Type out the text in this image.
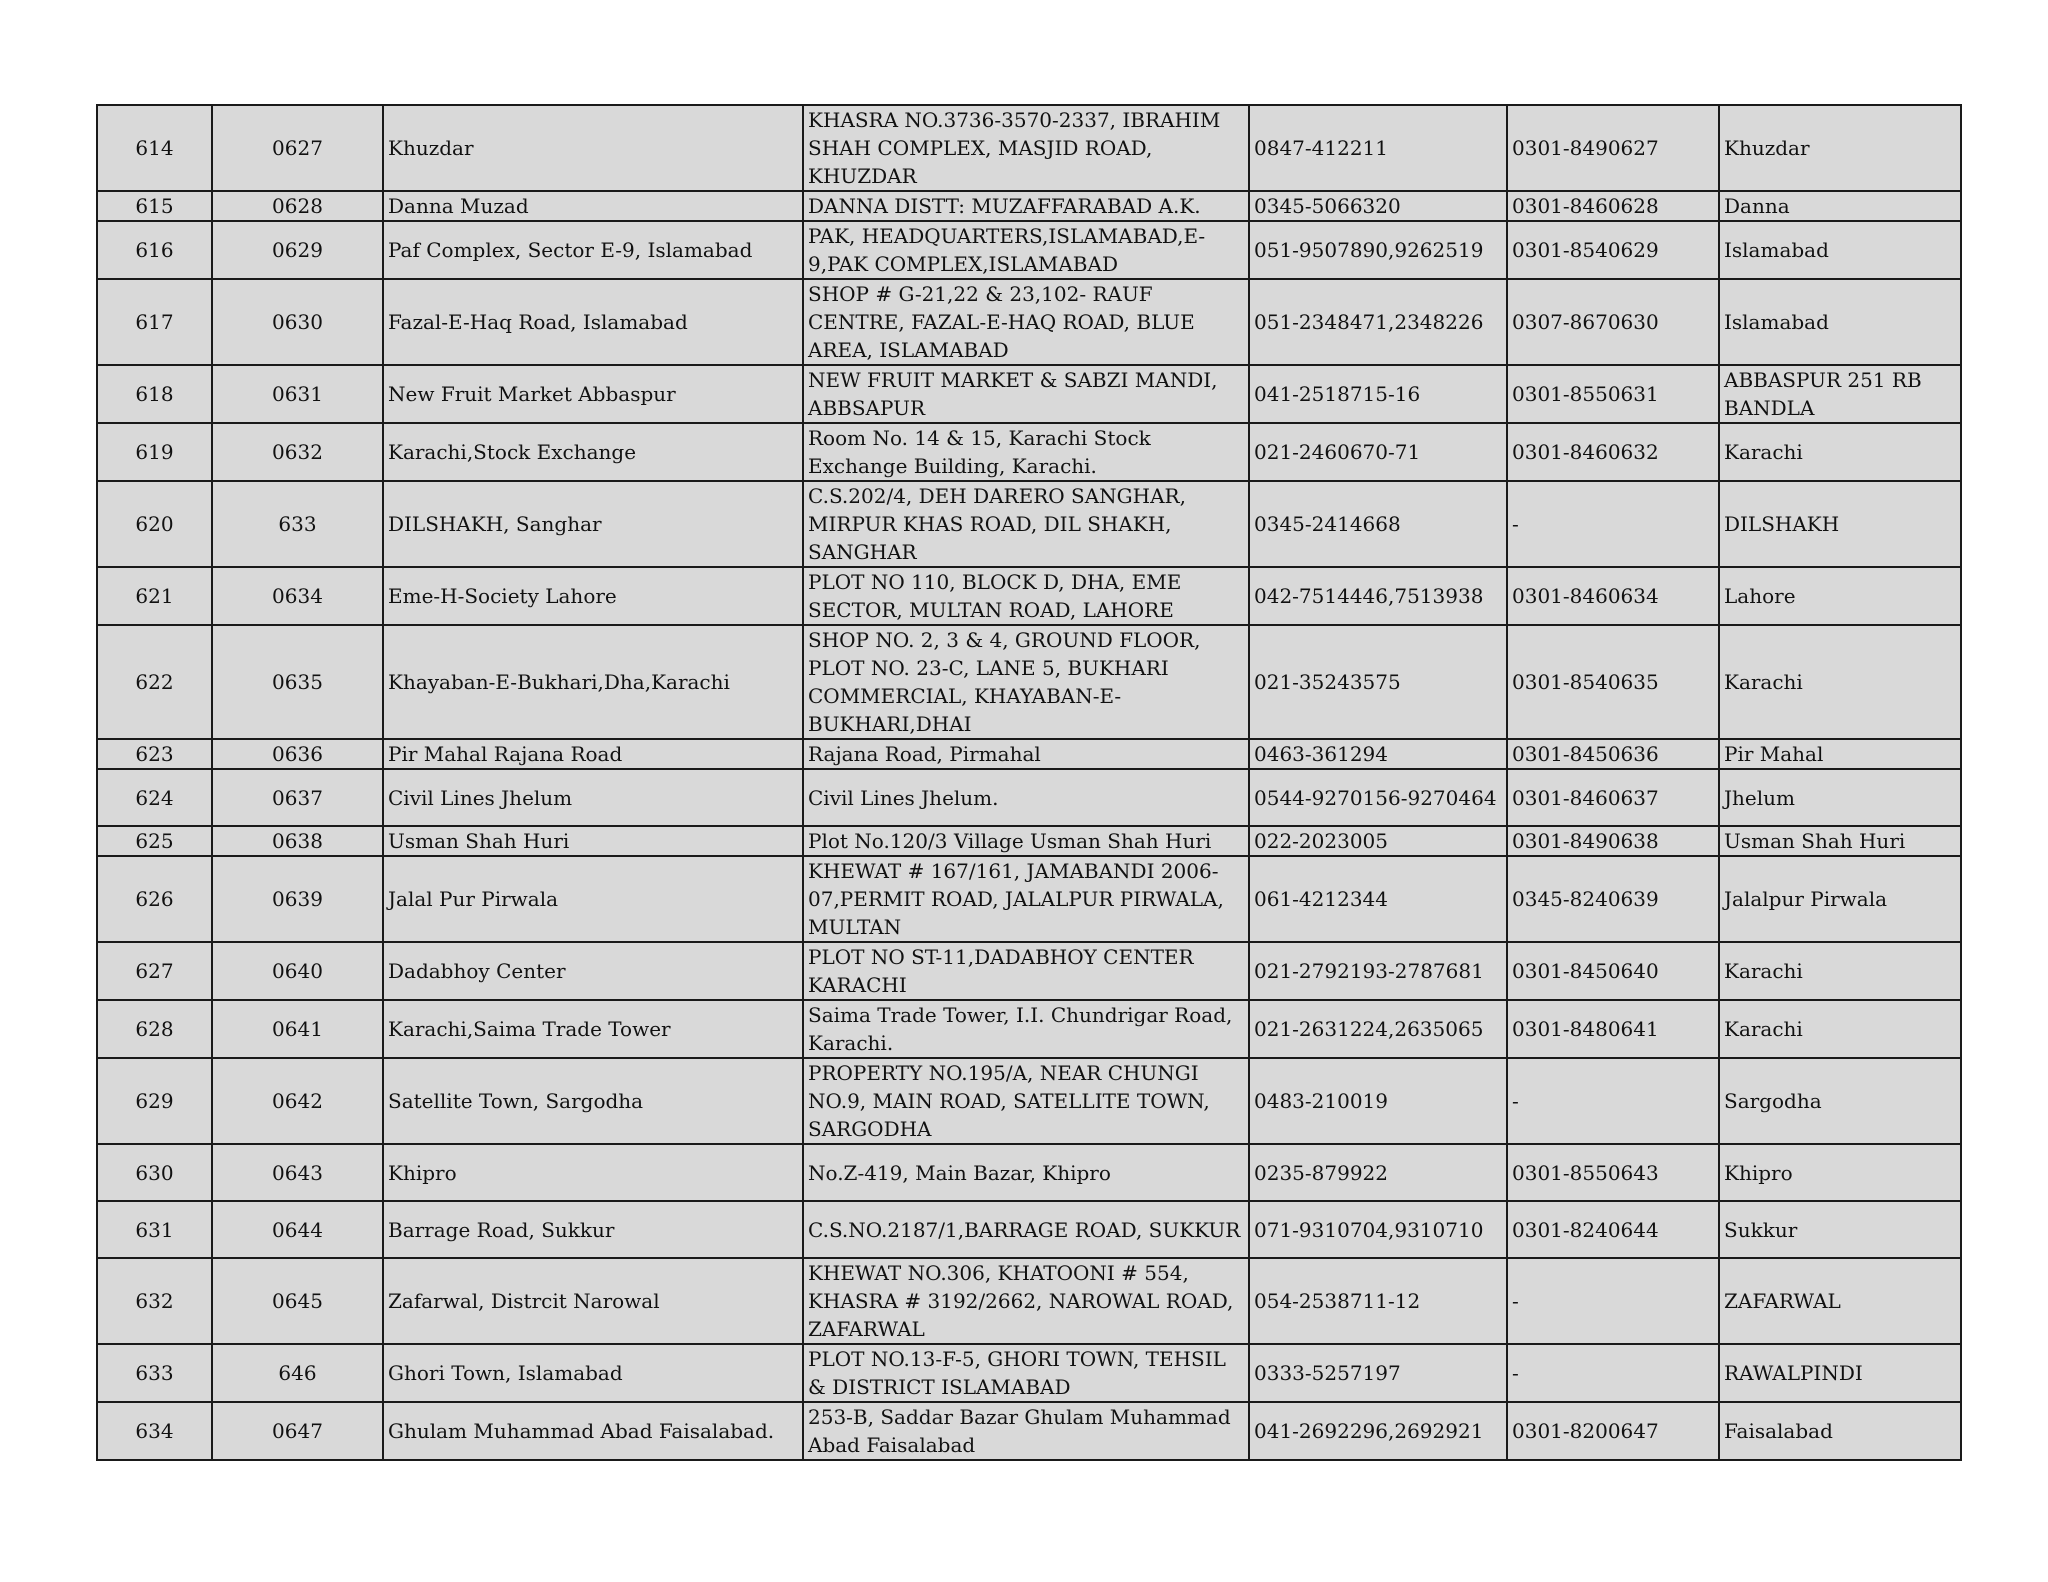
614	0627	Khuzdar	KHASRA NO.3736-3570-2337, IBRAHIM SHAH COMPLEX, MASJID ROAD, KHUZDAR	0847-412211	0301-8490627	Khuzdar
615	0628	Danna Muzad	DANNA DISTT: MUZAFFARABAD A.K.	0345-5066320	0301-8460628	Danna
616	0629	Paf Complex, Sector E-9, Islamabad	PAK, HEADQUARTERS,ISLAMABAD,E-9,PAK COMPLEX,ISLAMABAD	051-9507890,9262519	0301-8540629	Islamabad
617	0630	Fazal-E-Haq Road, Islamabad	SHOP # G-21,22 & 23,102- RAUF CENTRE, FAZAL-E-HAQ ROAD, BLUE AREA, ISLAMABAD	051-2348471,2348226	0307-8670630	Islamabad
618	0631	New Fruit Market Abbaspur	NEW FRUIT MARKET & SABZI MANDI, ABBSAPUR	041-2518715-16	0301-8550631	ABBASPUR 251 RB BANDLA
619	0632	Karachi,Stock Exchange	Room No. 14 & 15, Karachi Stock Exchange Building, Karachi.	021-2460670-71	0301-8460632	Karachi
620	633	DILSHAKH, Sanghar	C.S.202/4, DEH DARERO SANGHAR, MIRPUR KHAS ROAD, DIL SHAKH, SANGHAR	0345-2414668	-	DILSHAKH
621	0634	Eme-H-Society Lahore	PLOT NO 110, BLOCK D, DHA, EME SECTOR, MULTAN ROAD, LAHORE	042-7514446,7513938	0301-8460634	Lahore
622	0635	Khayaban-E-Bukhari,Dha,Karachi	SHOP NO. 2, 3 & 4, GROUND FLOOR, PLOT NO. 23-C, LANE 5, BUKHARI COMMERCIAL, KHAYABAN-E-BUKHARI,DHAI	021-35243575	0301-8540635	Karachi
623	0636	Pir Mahal Rajana Road	Rajana Road, Pirmahal	0463-361294	0301-8450636	Pir Mahal
624	0637	Civil Lines Jhelum	Civil Lines Jhelum.	0544-9270156-9270464	0301-8460637	Jhelum
625	0638	Usman Shah Huri	Plot No.120/3 Village Usman Shah Huri	022-2023005	0301-8490638	Usman Shah Huri
626	0639	Jalal Pur Pirwala	KHEWAT # 167/161, JAMABANDI 2006-07,PERMIT ROAD, JALALPUR PIRWALA, MULTAN	061-4212344	0345-8240639	Jalalpur Pirwala
627	0640	Dadabhoy Center	PLOT NO ST-11,DADABHOY CENTER KARACHI	021-2792193-2787681	0301-8450640	Karachi
628	0641	Karachi,Saima Trade Tower	Saima Trade Tower, I.I. Chundrigar Road, Karachi.	021-2631224,2635065	0301-8480641	Karachi
629	0642	Satellite Town, Sargodha	PROPERTY NO.195/A, NEAR CHUNGI NO.9, MAIN ROAD, SATELLITE TOWN, SARGODHA	0483-210019	-	Sargodha
630	0643	Khipro	No.Z-419, Main Bazar, Khipro	0235-879922	0301-8550643	Khipro
631	0644	Barrage Road, Sukkur	C.S.NO.2187/1,BARRAGE ROAD, SUKKUR	071-9310704,9310710	0301-8240644	Sukkur
632	0645	Zafarwal, Distrcit Narowal	KHEWAT NO.306, KHATOONI # 554, KHASRA # 3192/2662, NAROWAL ROAD, ZAFARWAL	054-2538711-12	-	ZAFARWAL
633	646	Ghori Town, Islamabad	PLOT NO.13-F-5, GHORI TOWN, TEHSIL & DISTRICT ISLAMABAD	0333-5257197	-	RAWALPINDI
634	0647	Ghulam Muhammad Abad Faisalabad.	253-B, Saddar Bazar Ghulam Muhammad Abad Faisalabad	041-2692296,2692921	0301-8200647	Faisalabad
